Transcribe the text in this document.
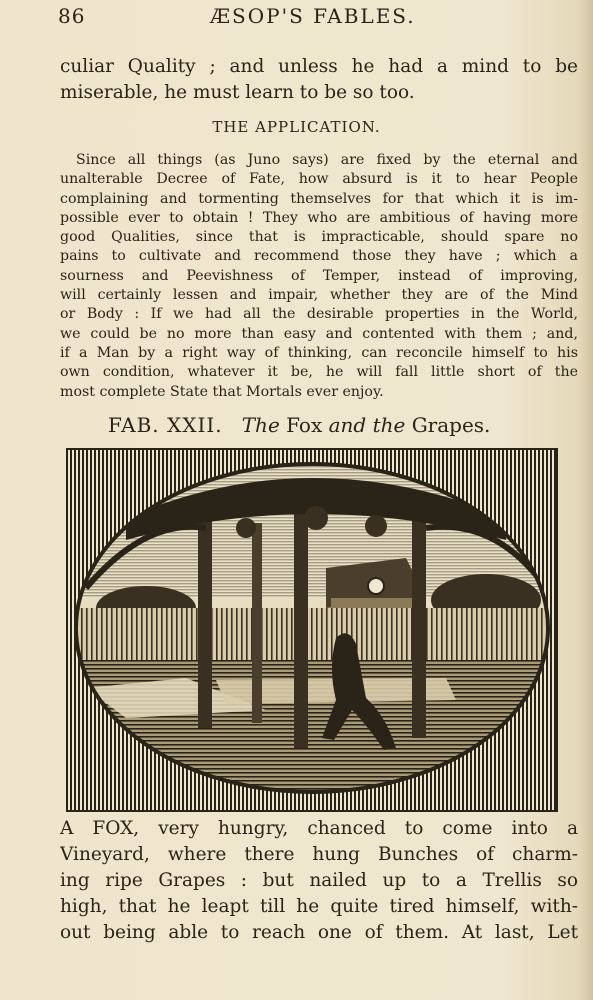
86	ÆSOP'S FABLES.
culiar Quality ; and unless he had a mind to be
miserable, he must learn to be so too.
THE APPLICATION.
Since all things (as Juno says) are fixed by the eternal and
unalterable Decree of Fate, how absurd is it to hear People
complaining and tormenting themselves for that which it is im-
possible ever to obtain ! They who are ambitious of having more
good Qualities, since that is impracticable, should spare no
pains to cultivate and recommend those they have ; which a
sourness and Peevishness of Temper, instead of improving,
will certainly lessen and impair, whether they are of the Mind
or Body : If we had all the desirable properties in the World,
we could be no more than easy and contented with them ; and,
if a Man by a right way of thinking, can reconcile himself to his
own condition, whatever it be, he will fall little short of the
most complete State that Mortals ever enjoy.
FAB. XXII. The Fox and the Grapes.
A FOX, very hungry, chanced to come into a
Vineyard, where there hung Bunches of charm-
ing ripe Grapes : but nailed up to a Trellis so
high, that he leapt till he quite tired himself, with-
out being able to reach one of them. At last, Let
